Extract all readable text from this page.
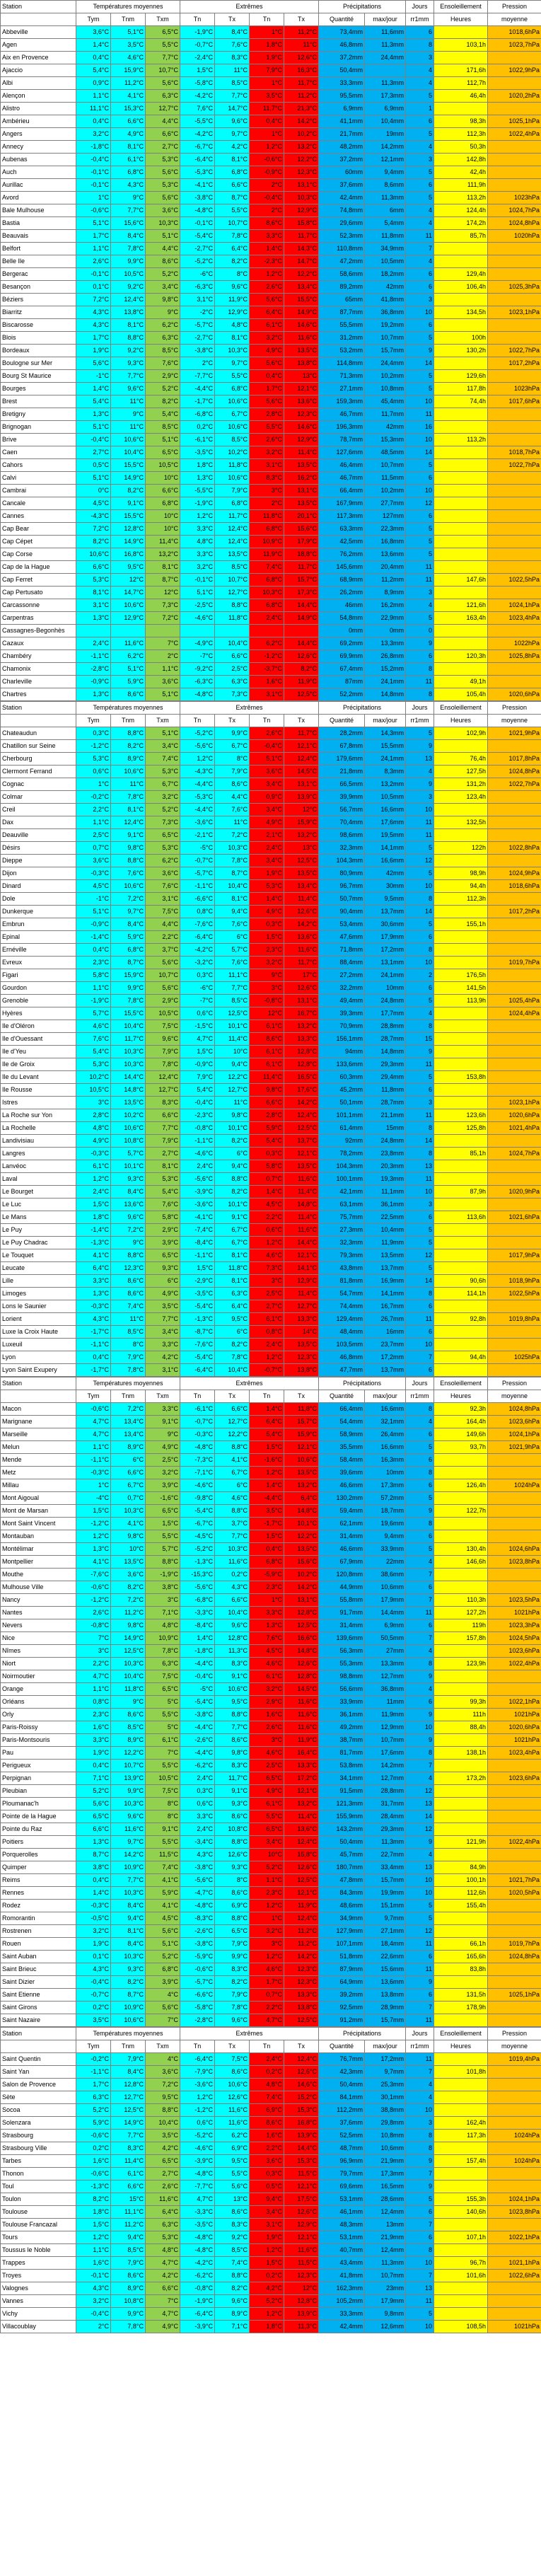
Station	Températures moyennes			Extrêmes				Précipitations		Jours	Ensoleillement	Pression
	Tym	Tnm	Txm	Tn	Tx	Tn	Tx	Quantité	max/jour	rr1mm	Heures	moyenne
Abbeville	3,6°C	5,1°C	6,5°C	-1,9°C	8,4°C	1°C	11,2°C	73,4mm	11,6mm	6		1018,6hPa
Agen	1,4°C	3,5°C	5,5°C	-0,7°C	7,6°C	1,8°C	11°C	46,8mm	11,3mm	8	103,1h	1023,7hPa
Aix en Provence	0,4°C	4,6°C	7,7°C	-2,4°C	8,3°C	1,9°C	12,6°C	37,2mm	24,4mm	3		
Ajaccio	5,4°C	15,9°C	10,7°C	1,5°C	11°C	7,9°C	16,3°C	50,4mm		4	171,6h	1022,9hPa
Albi	0,9°C	11,2°C	5,6°C	-5,8°C	8,5°C	1°C	11,7°C	33,3mm	11,3mm	4	112,7h	
Alençon	1,1°C	4,1°C	6,3°C	-4,2°C	7,7°C	3,5°C	11,2°C	95,5mm	17,3mm	5	46,4h	1020,2hPa
Alistro	11,1°C	15,3°C	12,7°C	7,6°C	14,7°C	11,7°C	21,3°C	6,9mm	6,9mm	1		
Ambérieu	0,4°C	6,6°C	4,4°C	-5,5°C	9,6°C	0,4°C	14,2°C	41,1mm	10,4mm	6	98,3h	1025,1hPa
Angers	3,2°C	4,9°C	6,6°C	-4,2°C	9,7°C	1°C	10,2°C	21,7mm	19mm	5	112,3h	1022,4hPa
Annecy	-1,8°C	8,1°C	2,7°C	-6,7°C	4,2°C	1,2°C	13,2°C	48,2mm	14,2mm	4	50,3h	
Aubenas	-0,4°C	6,1°C	5,3°C	-6,4°C	8,1°C	-0,6°C	12,2°C	37,2mm	12,1mm	3	142,8h	
Auch	-0,1°C	6,8°C	5,6°C	-5,3°C	6,8°C	-0,9°C	12,3°C	60mm	9,4mm	5	42,4h	
Aurillac	-0,1°C	4,3°C	5,3°C	-4,1°C	6,6°C	2°C	13,1°C	37,6mm	8,6mm	6	111,9h	
Avord	1°C	9°C	5,6°C	-3,8°C	8,7°C	-0,4°C	10,3°C	42,4mm	11,3mm	5	113,2h	1023hPa
Bale Mulhouse	-0,6°C	7,7°C	3,6°C	-4,8°C	5,5°C	2°C	12,9°C	74,8mm	6mm	4	124,4h	1024,7hPa
Bastia	5,1°C	15,6°C	10,3°C	-0,1°C	10,7°C	8,6°C	15,8°C	29,6mm	5,4mm	4	174,2h	1024,8hPa
Beauvais	1,7°C	8,4°C	5,1°C	-5,4°C	7,8°C	3,3°C	11,7°C	52,3mm	11,8mm	11	85,7h	1020hPa
Belfort	1,1°C	7,8°C	4,4°C	-2,7°C	6,4°C	1,4°C	14,3°C	110,8mm	34,9mm	7		
Belle Ile	2,6°C	9,9°C	8,6°C	-5,2°C	8,2°C	-2,3°C	14,7°C	47,2mm	10,5mm	4		
Bergerac	-0,1°C	10,5°C	5,2°C	-6°C	8°C	1,2°C	12,2°C	58,6mm	18,2mm	6	129,4h	
Besançon	0,1°C	9,2°C	3,4°C	-6,3°C	9,6°C	2,6°C	13,4°C	89,2mm	42mm	6	106,4h	1025,3hPa
Béziers	7,2°C	12,4°C	9,8°C	3,1°C	11,9°C	5,6°C	15,5°C	65mm	41,8mm	3		
Biarritz	4,3°C	13,8°C	9°C	-2°C	12,9°C	6,4°C	14,9°C	87,7mm	36,8mm	10	134,5h	1023,1hPa
Biscarosse	4,3°C	8,1°C	6,2°C	-5,7°C	4,8°C	6,1°C	14,6°C	55,5mm	19,2mm	6		
Blois	1,7°C	8,8°C	6,3°C	-2,7°C	8,1°C	3,2°C	11,6°C	31,2mm	10,7mm	5	100h	
Bordeaux	1,9°C	9,2°C	8,5°C	-3,8°C	10,3°C	4,9°C	13,5°C	53,2mm	15,7mm	9	130,2h	1022,7hPa
Boulogne sur Mer	5,6°C	9,3°C	7,6°C	2°C	9,7°C	5,6°C	13,8°C	114,8mm	24,4mm	14		1017,2hPa
Bourg St Maurice	-1°C	7,7°C	2,9°C	-7,7°C	5,5°C	0,4°C	13°C	71,3mm	10,2mm	5	129,6h	
Bourges	1,4°C	9,6°C	5,2°C	-4,4°C	6,8°C	1,7°C	12,1°C	27,1mm	10,8mm	5	117,8h	1023hPa
Brest	5,4°C	11°C	8,2°C	-1,7°C	10,6°C	5,6°C	13,6°C	159,3mm	45,4mm	10	74,4h	1017,6hPa
Bretigny	1,3°C	9°C	5,4°C	-6,8°C	6,7°C	2,8°C	12,3°C	46,7mm	11,7mm	11		
Brignogan	5,1°C	11°C	8,5°C	0,2°C	10,6°C	5,5°C	14,6°C	196,3mm	42mm	16		
Brive	-0,4°C	10,6°C	5,1°C	-6,1°C	8,5°C	2,6°C	12,9°C	78,7mm	15,3mm	10	113,2h	
Caen	2,7°C	10,4°C	6,5°C	-3,5°C	10,2°C	3,2°C	11,4°C	127,6mm	48,5mm	14		1018,7hPa
Cahors	0,5°C	15,5°C	10,5°C	1,8°C	11,8°C	3,1°C	13,5°C	46,4mm	10,7mm	5		1022,7hPa
Calvi	5,1°C	14,9°C	10°C	1,3°C	10,6°C	8,3°C	16,2°C	46,7mm	11,5mm	6		
Cambrai	0°C	8,2°C	6,6°C	-5,5°C	7,9°C	3°C	13,1°C	66,4mm	10,2mm	10		
Cancale	4,5°C	9,1°C	6,8°C	-1,9°C	6,8°C	2°C	13,5°C	167,9mm	27,7mm	12		
Cannes	-4,3°C	15,5°C	10°C	1,2°C	11,7°C	11,8°C	20,1°C	117,3mm	127mm	6		
Cap Bear	7,2°C	12,8°C	10°C	3,3°C	12,4°C	6,8°C	15,6°C	63,3mm	22,3mm	5		
Cap Cépet	8,2°C	14,9°C	11,4°C	4,8°C	12,4°C	10,9°C	17,9°C	42,5mm	16,8mm	5		
Cap Corse	10,6°C	16,8°C	13,2°C	3,3°C	13,5°C	11,9°C	18,8°C	76,2mm	13,6mm	5		
Cap de la Hague	6,6°C	9,5°C	8,1°C	3,2°C	8,5°C	7,4°C	11,7°C	145,6mm	20,4mm	11		
Cap Ferret	5,3°C	12°C	8,7°C	-0,1°C	10,7°C	6,8°C	15,7°C	68,9mm	11,2mm	11	147,6h	1022,5hPa
Cap Pertusato	8,1°C	14,7°C	12°C	5,1°C	12,7°C	10,3°C	17,3°C	26,2mm	8,9mm	3		
Carcassonne	3,1°C	10,6°C	7,3°C	-2,5°C	8,8°C	6,8°C	14,4°C	46mm	16,2mm	4	121,6h	1024,1hPa
Carpentras	1,3°C	12,9°C	7,2°C	-4,6°C	11,8°C	2,4°C	14,9°C	54,8mm	22,9mm	5	163,4h	1023,4hPa
Cassagnes-Begonhès								0mm	0mm	0		
Cazaux	2,4°C	11,6°C	7°C	-4,9°C	10,4°C	6,2°C	14,4°C	69,2mm	13,3mm	9		1022hPa
Chambéry	-1,1°C	6,2°C	2°C	-7°C	6,6°C	-1,2°C	12,6°C	69,9mm	26,8mm	6	120,3h	1025,8hPa
Chamonix	-2,8°C	5,1°C	1,1°C	-9,2°C	2,5°C	-3,7°C	8,2°C	67,4mm	15,2mm	8		
Charleville	-0,9°C	5,9°C	3,6°C	-6,3°C	6,3°C	1,6°C	11,9°C	87mm	24,1mm	11	49,1h	
Chartres	1,3°C	8,6°C	5,1°C	-4,8°C	7,3°C	3,1°C	12,5°C	52,2mm	14,8mm	8	105,4h	1020,6hPa
Station	Températures moyennes			Extrêmes				Précipitations		Jours	Ensoleillement	Pression
	Tym	Tnm	Txm	Tn	Tx	Tn	Tx	Quantité	max/jour	rr1mm	Heures	moyenne
Chateaudun	0,3°C	8,8°C	5,1°C	-5,2°C	9,9°C	2,6°C	11,7°C	28,2mm	14,3mm	5	102,9h	1021,9hPa
Chatillon sur Seine	-1,2°C	8,2°C	3,4°C	-5,6°C	6,7°C	-0,4°C	12,1°C	67,8mm	15,5mm	9		
Cherbourg	5,3°C	8,9°C	7,4°C	1,2°C	8°C	5,1°C	12,4°C	179,6mm	24,1mm	13	76,4h	1017,8hPa
Clermont Ferrand	0,6°C	10,6°C	5,3°C	-4,3°C	7,9°C	3,6°C	14,5°C	21,8mm	8,3mm	4	127,5h	1024,8hPa
Cognac	1°C	11°C	6,7°C	-4,4°C	8,6°C	3,4°C	13,1°C	66,5mm	13,2mm	9	131,2h	1022,7hPa
Colmar	-0,2°C	7,8°C	3,2°C	-5,3°C	4,4°C	0,9°C	13,9°C	39,9mm	10,5mm	3	123,4h	
Creil	2,2°C	8,1°C	5,2°C	-4,4°C	7,6°C	3,4°C	12°C	56,7mm	16,6mm	10		
Dax	1,1°C	12,4°C	7,3°C	-3,6°C	11°C	4,9°C	15,9°C	70,4mm	17,6mm	11	132,5h	
Deauville	2,5°C	9,1°C	6,5°C	-2,1°C	7,2°C	2,1°C	13,2°C	98,6mm	19,5mm	11		
Désirs	0,7°C	9,8°C	5,3°C	-5°C	10,3°C	2,4°C	13°C	32,3mm	14,1mm	5	122h	1022,8hPa
Dieppe	3,6°C	8,8°C	6,2°C	-0,7°C	7,8°C	3,4°C	12,5°C	104,3mm	16,6mm	12		
Dijon	-0,3°C	7,6°C	3,6°C	-5,7°C	8,7°C	1,9°C	13,5°C	80,9mm	42mm	5	98,9h	1024,9hPa
Dinard	4,5°C	10,6°C	7,6°C	-1,1°C	10,4°C	5,3°C	13,4°C	96,7mm	30mm	10	94,4h	1018,6hPa
Dole	-1°C	7,2°C	3,1°C	-6,6°C	8,1°C	1,4°C	11,4°C	50,7mm	9,5mm	8	112,3h	
Dunkerque	5,1°C	9,7°C	7,5°C	0,8°C	9,4°C	4,9°C	12,6°C	90,4mm	13,7mm	14		1017,2hPa
Embrun	-0,9°C	8,4°C	4,4°C	-7,6°C	7,6°C	0,3°C	14,2°C	53,4mm	30,6mm	5	155,1h	
Epinal	-1,4°C	5,9°C	2,2°C	-6,4°C	6°C	1,5°C	13,6°C	47,6mm	17,9mm	6		
Ernéville	0,4°C	6,8°C	3,7°C	-4,2°C	5,7°C	2,3°C	11,6°C	71,8mm	17,2mm	8		
Evreux	2,3°C	8,7°C	5,6°C	-3,2°C	7,6°C	3,2°C	11,7°C	88,4mm	13,1mm	10		1019,7hPa
Figari	5,8°C	15,9°C	10,7°C	0,3°C	11,1°C	9°C	17°C	27,2mm	24,1mm	2	176,5h	
Gourdon	1,1°C	9,9°C	5,6°C	-6°C	7,7°C	3°C	12,6°C	32,2mm	10mm	6	141,5h	
Grenoble	-1,9°C	7,8°C	2,9°C	-7°C	8,5°C	-0,8°C	13,1°C	49,4mm	24,8mm	5	113,9h	1025,4hPa
Hyères	5,7°C	15,5°C	10,5°C	0,6°C	12,5°C	12°C	16,7°C	39,3mm	17,7mm	4		1024,4hPa
Ile d'Oléron	4,6°C	10,4°C	7,5°C	-1,5°C	10,1°C	6,1°C	13,2°C	70,9mm	28,8mm	8		
Ile d'Ouessant	7,6°C	11,7°C	9,6°C	4,7°C	11,4°C	8,6°C	13,3°C	156,1mm	28,7mm	15		
Ile d'Yeu	5,4°C	10,3°C	7,9°C	1,5°C	10°C	6,1°C	12,8°C	94mm	14,8mm	9		
Ile de Groix	5,3°C	10,3°C	7,8°C	-0,9°C	9,4°C	6,1°C	12,8°C	133,6mm	29,3mm	11		
Ile du Levant	10,2°C	14,4°C	12,4°C	7,9°C	12,2°C	11,4°C	16,5°C	60,3mm	29,4mm	5	153,8h	
Ile Rousse	10,5°C	14,8°C	12,7°C	5,4°C	12,7°C	9,8°C	17,6°C	45,2mm	11,8mm	6		
Istres	3°C	13,5°C	8,3°C	-0,4°C	11°C	6,6°C	14,2°C	50,1mm	28,7mm	3		1023,1hPa
La Roche sur Yon	2,8°C	10,2°C	6,6°C	-2,3°C	9,8°C	2,8°C	12,4°C	101,1mm	21,1mm	11	123,6h	1020,6hPa
La Rochelle	4,8°C	10,6°C	7,7°C	-0,8°C	10,1°C	5,9°C	12,5°C	61,4mm	15mm	8	125,8h	1021,4hPa
Landivisiau	4,9°C	10,8°C	7,9°C	-1,1°C	8,2°C	5,4°C	13,7°C	92mm	24,8mm	14		
Langres	-0,3°C	5,7°C	2,7°C	-4,6°C	6°C	0,3°C	12,1°C	78,2mm	23,8mm	8	85,1h	1024,7hPa
Lanvéoc	6,1°C	10,1°C	8,1°C	2,4°C	9,4°C	5,8°C	13,5°C	104,3mm	20,3mm	13		
Laval	1,2°C	9,3°C	5,3°C	-5,6°C	8,8°C	0,7°C	11,6°C	100,1mm	19,3mm	11		
Le Bourget	2,4°C	8,4°C	5,4°C	-3,9°C	8,2°C	1,4°C	11,4°C	42,1mm	11,1mm	10	87,9h	1020,9hPa
Le Luc	1,5°C	13,6°C	7,6°C	-3,6°C	10,1°C	4,5°C	14,8°C	63,1mm	36,1mm	3		
Le Mans	1,8°C	9,6°C	5,8°C	-4,1°C	9,1°C	2,2°C	11,4°C	75,7mm	22,5mm	6	113,6h	1021,6hPa
Le Puy	-1,4°C	7,2°C	2,9°C	-7,4°C	6,7°C	0,6°C	11,6°C	27,3mm	10,4mm	5		
Le Puy Chadrac	-1,3°C	9°C	3,9°C	-8,4°C	6,7°C	1,2°C	14,4°C	32,3mm	11,9mm	5		
Le Touquet	4,1°C	8,8°C	6,5°C	-1,1°C	8,1°C	4,6°C	12,1°C	79,3mm	13,5mm	12		1017,9hPa
Leucate	6,4°C	12,3°C	9,3°C	1,5°C	11,8°C	7,3°C	14,1°C	43,8mm	13,7mm	5		
Lille	3,3°C	8,6°C	6°C	-2,9°C	8,1°C	3°C	12,9°C	81,8mm	16,9mm	14	90,6h	1018,9hPa
Limoges	1,3°C	8,6°C	4,9°C	-3,5°C	6,3°C	2,5°C	11,4°C	54,7mm	14,1mm	8	114,1h	1022,5hPa
Lons le Saunier	-0,3°C	7,4°C	3,5°C	-5,4°C	6,4°C	2,7°C	12,7°C	74,4mm	16,7mm	6		
Lorient	4,3°C	11°C	7,7°C	-1,3°C	9,5°C	6,1°C	13,3°C	129,4mm	26,7mm	11	92,8h	1019,8hPa
Luxe la Croix Haute	-1,7°C	8,5°C	3,4°C	-8,7°C	6°C	0,8°C	14°C	48,4mm	16mm	6		
Luxeuil	-1,1°C	8°C	3,3°C	-7,6°C	8,2°C	2,4°C	13,5°C	103,5mm	23,7mm	10		
Lyon	0,4°C	7,9°C	4,2°C	-5,4°C	7,8°C	1,2°C	12,3°C	46,8mm	17,2mm	7	94,4h	1025hPa
Lyon Saint Exupery	-1,7°C	7,8°C	3,1°C	-6,4°C	10,4°C	-0,7°C	13,8°C	47,7mm	13,7mm	6		
Station	Températures moyennes			Extrêmes				Précipitations		Jours	Ensoleillement	Pression
	Tym	Tnm	Txm	Tn	Tx	Tn	Tx	Quantité	max/jour	rr1mm	Heures	moyenne
Macon	-0,6°C	7,2°C	3,3°C	-6,1°C	6,6°C	1,4°C	11,8°C	66,4mm	16,6mm	8	92,3h	1024,8hPa
Marignane	4,7°C	13,4°C	9,1°C	-0,7°C	12,7°C	6,4°C	15,7°C	54,4mm	32,1mm	4	164,4h	1023,6hPa
Marseille	4,7°C	13,4°C	9°C	-0,3°C	12,2°C	5,4°C	15,9°C	58,9mm	26,4mm	6	149,6h	1024,1hPa
Melun	1,1°C	8,9°C	4,9°C	-4,8°C	8,8°C	1,5°C	12,1°C	35,5mm	16,6mm	5	93,7h	1021,9hPa
Mende	-1,1°C	6°C	2,5°C	-7,3°C	4,1°C	-1,6°C	10,6°C	58,4mm	16,3mm	6		
Metz	-0,3°C	6,6°C	3,2°C	-7,1°C	6,7°C	1,2°C	13,5°C	39,6mm	10mm	8		
Millau	1°C	6,7°C	3,9°C	-4,6°C	6°C	1,4°C	13,2°C	46,6mm	17,3mm	6	126,4h	1024hPa
Mont Aigoual	-4°C	0,7°C	-1,6°C	-9,8°C	4,6°C	-4,4°C	6,4°C	130,2mm	57,2mm	5		
Mont de Marsan	1,5°C	10,3°C	6,5°C	-5,4°C	8,8°C	3,5°C	14,8°C	59,4mm	18,7mm	9	122,7h	
Mont Saint Vincent	-1,2°C	4,1°C	1,5°C	-6,7°C	3,7°C	-1,7°C	10,1°C	62,1mm	19,6mm	8		
Montauban	1,2°C	9,8°C	5,5°C	-4,5°C	7,7°C	1,5°C	12,2°C	31,4mm	9,4mm	6		
Montélimar	1,3°C	10°C	5,7°C	-5,2°C	10,3°C	0,4°C	13,5°C	46,6mm	33,9mm	5	130,4h	1024,6hPa
Montpellier	4,1°C	13,5°C	8,8°C	-1,3°C	11,6°C	6,8°C	15,6°C	67,9mm	22mm	4	146,6h	1023,8hPa
Mouthe	-7,6°C	3,6°C	-1,9°C	-15,3°C	0,2°C	-5,9°C	10,2°C	120,8mm	38,6mm	7		
Mulhouse Ville	-0,6°C	8,2°C	3,8°C	-5,6°C	4,3°C	2,3°C	14,2°C	44,9mm	10,6mm	6		
Nancy	-1,2°C	7,2°C	3°C	-6,8°C	6,6°C	1°C	13,1°C	55,8mm	17,9mm	7	110,3h	1023,5hPa
Nantes	2,6°C	11,2°C	7,1°C	-3,3°C	10,4°C	3,3°C	12,8°C	91,7mm	14,4mm	11	127,2h	1021hPa
Nevers	-0,8°C	9,8°C	4,8°C	-8,4°C	9,6°C	1,3°C	12,5°C	31,4mm	6,9mm	6	119h	1023,3hPa
Nice	7°C	14,9°C	10,9°C	1,4°C	12,8°C	7,6°C	16,6°C	139,6mm	50,5mm	7	157,8h	1024,5hPa
Nîmes	3°C	12,5°C	7,8°C	-1,8°C	11,3°C	4,5°C	14,8°C	56,3mm	27mm	4		1023,6hPa
Niort	2,2°C	10,3°C	6,3°C	-4,4°C	8,3°C	4,6°C	12,6°C	55,3mm	13,3mm	8	123,9h	1022,4hPa
Noirmoutier	4,7°C	10,4°C	7,5°C	-0,4°C	9,1°C	6,1°C	12,8°C	98,8mm	12,7mm	9		
Orange	1,1°C	11,8°C	6,5°C	-5°C	10,6°C	3,2°C	14,5°C	56,6mm	36,8mm	4		
Orléans	0,8°C	9°C	5°C	-5,4°C	9,5°C	2,9°C	11,6°C	33,9mm	11mm	6	99,3h	1022,1hPa
Orly	2,3°C	8,6°C	5,5°C	-3,8°C	8,8°C	1,6°C	11,6°C	36,1mm	11,9mm	9	111h	1021hPa
Paris-Roissy	1,6°C	8,5°C	5°C	-4,4°C	7,7°C	2,6°C	11,6°C	49,2mm	12,9mm	10	88,4h	1020,6hPa
Paris-Montsouris	3,3°C	8,9°C	6,1°C	-2,6°C	8,6°C	3°C	11,9°C	38,7mm	10,7mm	9		1021hPa
Pau	1,9°C	12,2°C	7°C	-4,4°C	9,8°C	4,6°C	16,4°C	81,7mm	17,6mm	8	138,1h	1023,4hPa
Perigueux	0,4°C	10,7°C	5,5°C	-6,2°C	8,3°C	2,5°C	13,3°C	53,8mm	14,2mm	7		
Perpignan	7,1°C	13,9°C	10,5°C	2,4°C	11,7°C	6,5°C	17,2°C	34,1mm	12,7mm	4	173,2h	1023,6hPa
Pleubian	5,2°C	9,9°C	7,5°C	0,3°C	9,1°C	4,9°C	12,1°C	91,5mm	28,8mm	12		
Ploumanac'h	5,6°C	10,3°C	8°C	0,6°C	9,3°C	6,1°C	13,2°C	121,3mm	31,7mm	13		
Pointe de la Hague	6,5°C	9,6°C	8°C	3,3°C	8,6°C	5,5°C	11,4°C	155,9mm	28,4mm	14		
Pointe du Raz	6,6°C	11,6°C	9,1°C	2,4°C	10,8°C	6,5°C	13,6°C	143,2mm	29,3mm	12		
Poitiers	1,3°C	9,7°C	5,5°C	-3,4°C	8,8°C	3,4°C	12,4°C	50,4mm	11,3mm	9	121,9h	1022,4hPa
Porquerolles	8,7°C	14,2°C	11,5°C	4,3°C	12,6°C	10°C	15,8°C	45,7mm	22,7mm	4		
Quimper	3,8°C	10,9°C	7,4°C	-3,8°C	9,3°C	5,2°C	12,6°C	180,7mm	33,4mm	13	84,9h	
Reims	0,4°C	7,7°C	4,1°C	-5,6°C	8°C	1,1°C	12,5°C	47,8mm	15,7mm	10	100,1h	1021,7hPa
Rennes	1,4°C	10,3°C	5,9°C	-4,7°C	8,6°C	2,3°C	12,1°C	84,3mm	19,9mm	10	112,6h	1020,5hPa
Rodez	-0,3°C	8,4°C	4,1°C	-4,8°C	6,9°C	1,2°C	11,9°C	48,6mm	15,1mm	5	155,4h	
Romorantin	-0,5°C	9,4°C	4,5°C	-8,3°C	8,8°C	1°C	12,4°C	34,9mm	9,7mm	5		
Rostrenen	3,2°C	8,1°C	5,6°C	-2,6°C	6,5°C	3,2°C	11,2°C	127,9mm	27,1mm	12		
Rouen	1,9°C	8,4°C	5,1°C	-3,8°C	7,9°C	3°C	11,2°C	107,1mm	18,4mm	11	66,1h	1019,7hPa
Saint Auban	0,1°C	10,3°C	5,2°C	-5,9°C	9,9°C	1,2°C	14,2°C	51,8mm	22,6mm	6	165,6h	1024,8hPa
Saint Brieuc	4,3°C	9,3°C	6,8°C	-0,6°C	8,3°C	4,6°C	12,3°C	87,9mm	15,6mm	11	83,8h	
Saint Dizier	-0,4°C	8,2°C	3,9°C	-5,7°C	8,2°C	1,7°C	12,3°C	64,9mm	13,6mm	9		
Saint Etienne	-0,7°C	8,7°C	4°C	-6,6°C	7,9°C	0,7°C	13,3°C	39,2mm	13,8mm	6	131,5h	1025,1hPa
Saint Girons	0,2°C	10,9°C	5,6°C	-5,8°C	7,8°C	2,2°C	13,8°C	92,5mm	28,9mm	7	178,9h	
Saint Nazaire	3,5°C	10,6°C	7°C	-2,8°C	9,6°C	4,7°C	12,5°C	91,2mm	15,7mm	11		
Station	Températures moyennes			Extrêmes				Précipitations		Jours	Ensoleillement	Pression
	Tym	Tnm	Txm	Tn	Tx	Tn	Tx	Quantité	max/jour	rr1mm	Heures	moyenne
Saint Quentin	-0,2°C	7,9°C	4°C	-6,4°C	7,5°C	2,4°C	12,4°C	76,7mm	17,2mm	11		1019,4hPa
Saint Yan	-1,1°C	8,4°C	3,6°C	-7,9°C	8,6°C	0,2°C	12,6°C	42,3mm	9,7mm	7	101,8h	
Salon de Provence	1,7°C	12,8°C	7,2°C	-3,6°C	10,6°C	4,8°C	14,6°C	50,4mm	25,3mm	4		
Sète	6,3°C	12,7°C	9,5°C	1,2°C	12,6°C	7,4°C	15,2°C	84,1mm	30,1mm	4		
Socoa	5,2°C	12,5°C	8,8°C	-1,2°C	11,6°C	6,9°C	15,3°C	112,2mm	38,8mm	10		
Solenzara	5,9°C	14,9°C	10,4°C	0,6°C	11,6°C	8,6°C	16,8°C	37,6mm	29,8mm	3	162,4h	
Strasbourg	-0,6°C	7,7°C	3,5°C	-5,2°C	6,2°C	1,6°C	13,9°C	52,5mm	10,8mm	8	117,3h	1024hPa
Strasbourg Ville	0,2°C	8,3°C	4,2°C	-4,6°C	6,9°C	2,2°C	14,4°C	48,7mm	10,6mm	8		
Tarbes	1,6°C	11,4°C	6,5°C	-3,9°C	9,5°C	3,6°C	15,3°C	96,9mm	21,9mm	9	157,4h	1024hPa
Thonon	-0,6°C	6,1°C	2,7°C	-4,8°C	5,5°C	0,3°C	11,5°C	79,7mm	17,3mm	7		
Toul	-1,3°C	6,6°C	2,6°C	-7,7°C	5,6°C	0,5°C	12,1°C	69,6mm	16,5mm	9		
Toulon	8,2°C	15°C	11,6°C	4,7°C	13°C	9,4°C	17,5°C	53,1mm	28,6mm	5	155,3h	1024,1hPa
Toulouse	1,8°C	11,1°C	6,4°C	-3,3°C	8,6°C	3,4°C	12,6°C	46,1mm	12,4mm	6	140,6h	1023,8hPa
Toulouse Francazal	1,5°C	11,2°C	6,3°C	-3,5°C	8,3°C	3,1°C	12,9°C	48,3mm	13mm	7		
Tours	1,2°C	9,4°C	5,3°C	-4,8°C	9,2°C	1,9°C	12,1°C	53,1mm	21,9mm	6	107,1h	1022,1hPa
Toussus le Noble	1,1°C	8,5°C	4,8°C	-4,8°C	8,5°C	1,2°C	11,6°C	40,7mm	12,4mm	8		
Trappes	1,6°C	7,9°C	4,7°C	-4,2°C	7,4°C	1,5°C	11,5°C	43,4mm	11,3mm	10	96,7h	1021,1hPa
Troyes	-0,1°C	8,6°C	4,2°C	-6,2°C	8,8°C	0,2°C	12,3°C	41,8mm	10,7mm	7	101,6h	1022,6hPa
Valognes	4,3°C	8,9°C	6,6°C	-0,8°C	8,2°C	4,2°C	12°C	162,3mm	23mm	13		
Vannes	3,2°C	10,8°C	7°C	-1,9°C	9,6°C	5,2°C	12,8°C	105,2mm	17,9mm	11		
Vichy	-0,4°C	9,9°C	4,7°C	-6,4°C	8,9°C	1,2°C	13,9°C	33,3mm	9,8mm	5		
Villacoublay	2°C	7,8°C	4,9°C	-3,9°C	7,1°C	1,8°C	11,3°C	42,4mm	12,6mm	10	108,5h	1021hPa
